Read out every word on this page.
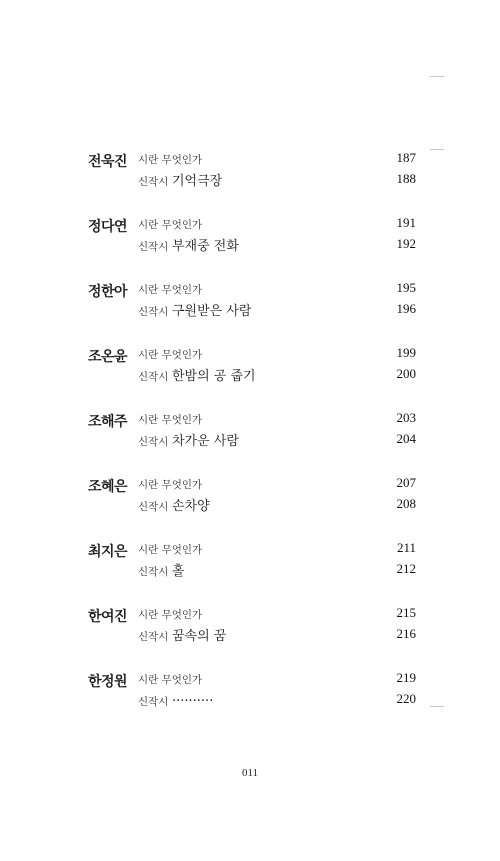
전욱진 시란 무엇인가	187
신작시 기억극장	188
정다연 시란 무엇인가	191
신작시 부재중 전화	192
정한아 시란 무엇인가	195
신작시 구원받은 사람	196
조온윤 시란 무엇인가	199
신작시 한밤의 공 줍기	200
조해주 시란 무엇인가	203
신작시 차가운 사람	204
조혜은 시란 무엇인가	207
신작시 손차양	208
최지은 시란 무엇인가	211
신작시 홀	212
한여진 시란 무엇인가	215
신작시 꿈속의 꿈	216
한정원 시란 무엇인가	219
신작시 ..........	220
011
